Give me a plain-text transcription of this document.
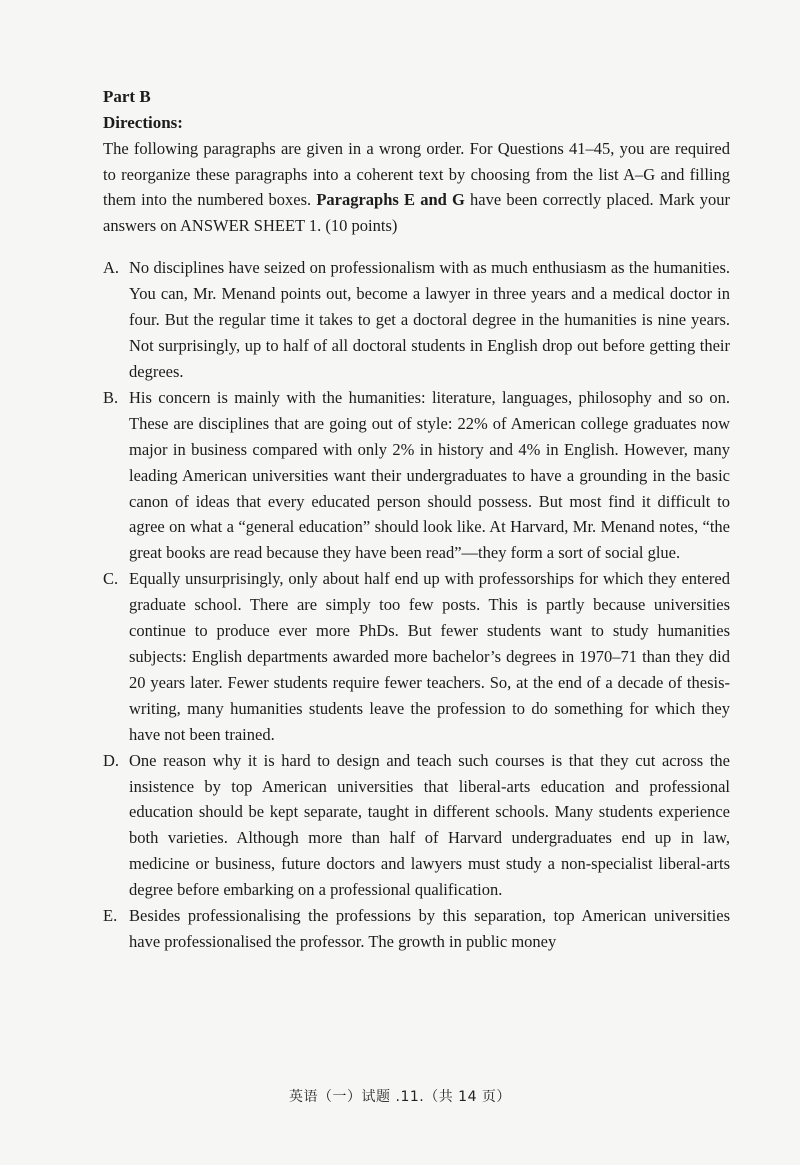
Part B
Directions:

The following paragraphs are given in a wrong order. For Questions 41–45, you are required to reorganize these paragraphs into a coherent text by choosing from the list A–G and filling them into the numbered boxes. Paragraphs E and G have been correctly placed. Mark your answers on ANSWER SHEET 1. (10 points)

A. No disciplines have seized on professionalism with as much enthusiasm as the humanities. You can, Mr. Menand points out, become a lawyer in three years and a medical doctor in four. But the regular time it takes to get a doctoral degree in the humanities is nine years. Not surprisingly, up to half of all doctoral students in English drop out before getting their degrees.
B. His concern is mainly with the humanities: literature, languages, philosophy and so on. These are disciplines that are going out of style: 22% of American college graduates now major in business compared with only 2% in history and 4% in English. However, many leading American universities want their undergraduates to have a grounding in the basic canon of ideas that every educated person should possess. But most find it difficult to agree on what a “general education” should look like. At Harvard, Mr. Menand notes, “the great books are read because they have been read”—they form a sort of social glue.
C. Equally unsurprisingly, only about half end up with professorships for which they entered graduate school. There are simply too few posts. This is partly because universities continue to produce ever more PhDs. But fewer students want to study humanities subjects: English departments awarded more bachelor’s degrees in 1970–71 than they did 20 years later. Fewer students require fewer teachers. So, at the end of a decade of thesis-writing, many humanities students leave the profession to do something for which they have not been trained.
D. One reason why it is hard to design and teach such courses is that they cut across the insistence by top American universities that liberal-arts education and professional education should be kept separate, taught in different schools. Many students experience both varieties. Although more than half of Harvard undergraduates end up in law, medicine or business, future doctors and lawyers must study a non-specialist liberal-arts degree before embarking on a professional qualification.
E. Besides professionalising the professions by this separation, top American universities have professionalised the professor. The growth in public money
英语（一）试题 .11.（共 14 页）
